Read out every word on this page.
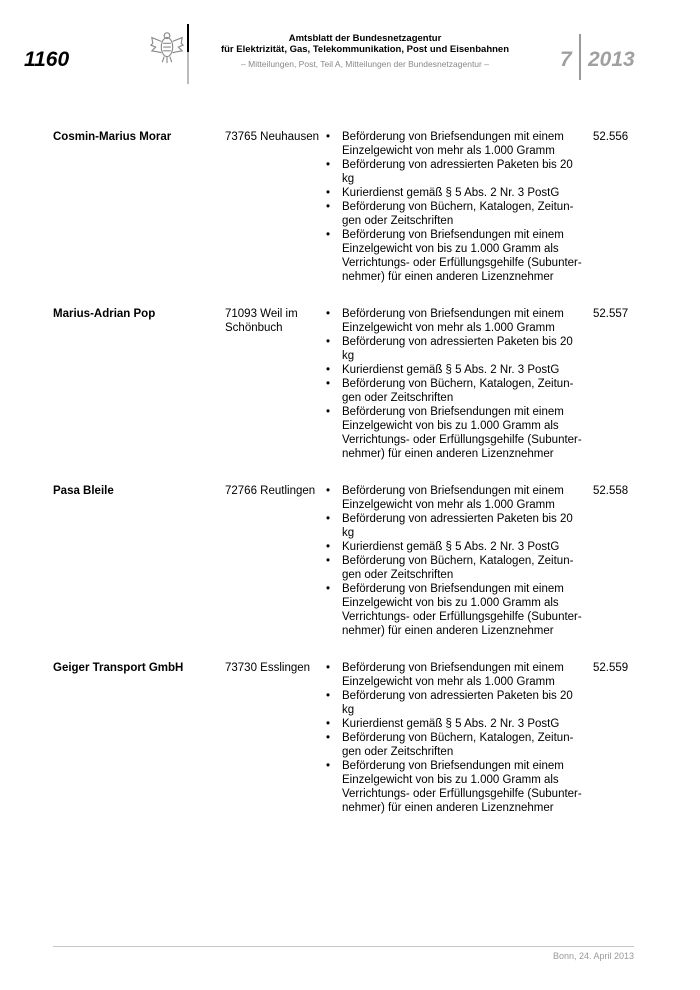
1160
Amtsblatt der Bundesnetzagentur
für Elektrizität, Gas, Telekommunikation, Post und Eisenbahnen
– Mitteilungen, Post, Teil A, Mitteilungen der Bundesnetzagentur –	7 2013
Cosmin-Marius Morar	73765 Neuhausen	• Beförderung von Briefsendungen mit einem Einzelgewicht von mehr als 1.000 Gramm
• Beförderung von adressierten Paketen bis 20 kg
• Kurierdienst gemäß § 5 Abs. 2 Nr. 3 PostG
• Beförderung von Büchern, Katalogen, Zeitungen oder Zeitschriften
• Beförderung von Briefsendungen mit einem Einzelgewicht von bis zu 1.000 Gramm als Verrichtungs- oder Erfüllungsgehilfe (Subunternehmer) für einen anderen Lizenznehmer
52.556
Marius-Adrian Pop	71093 Weil im Schönbuch
• Beförderung von Briefsendungen mit einem Einzelgewicht von mehr als 1.000 Gramm
• Beförderung von adressierten Paketen bis 20 kg
• Kurierdienst gemäß § 5 Abs. 2 Nr. 3 PostG
• Beförderung von Büchern, Katalogen, Zeitungen oder Zeitschriften
• Beförderung von Briefsendungen mit einem Einzelgewicht von bis zu 1.000 Gramm als Verrichtungs- oder Erfüllungsgehilfe (Subunternehmer) für einen anderen Lizenznehmer
52.557
Pasa Bleile	72766 Reutlingen	• Beförderung von Briefsendungen mit einem Einzelgewicht von mehr als 1.000 Gramm
• Beförderung von adressierten Paketen bis 20 kg
• Kurierdienst gemäß § 5 Abs. 2 Nr. 3 PostG
• Beförderung von Büchern, Katalogen, Zeitungen oder Zeitschriften
• Beförderung von Briefsendungen mit einem Einzelgewicht von bis zu 1.000 Gramm als Verrichtungs- oder Erfüllungsgehilfe (Subunternehmer) für einen anderen Lizenznehmer
52.558
Geiger Transport GmbH	73730 Esslingen	• Beförderung von Briefsendungen mit einem Einzelgewicht von mehr als 1.000 Gramm
• Beförderung von adressierten Paketen bis 20 kg
• Kurierdienst gemäß § 5 Abs. 2 Nr. 3 PostG
• Beförderung von Büchern, Katalogen, Zeitungen oder Zeitschriften
• Beförderung von Briefsendungen mit einem Einzelgewicht von bis zu 1.000 Gramm als Verrichtungs- oder Erfüllungsgehilfe (Subunternehmer) für einen anderen Lizenznehmer
52.559
Bonn, 24. April 2013
